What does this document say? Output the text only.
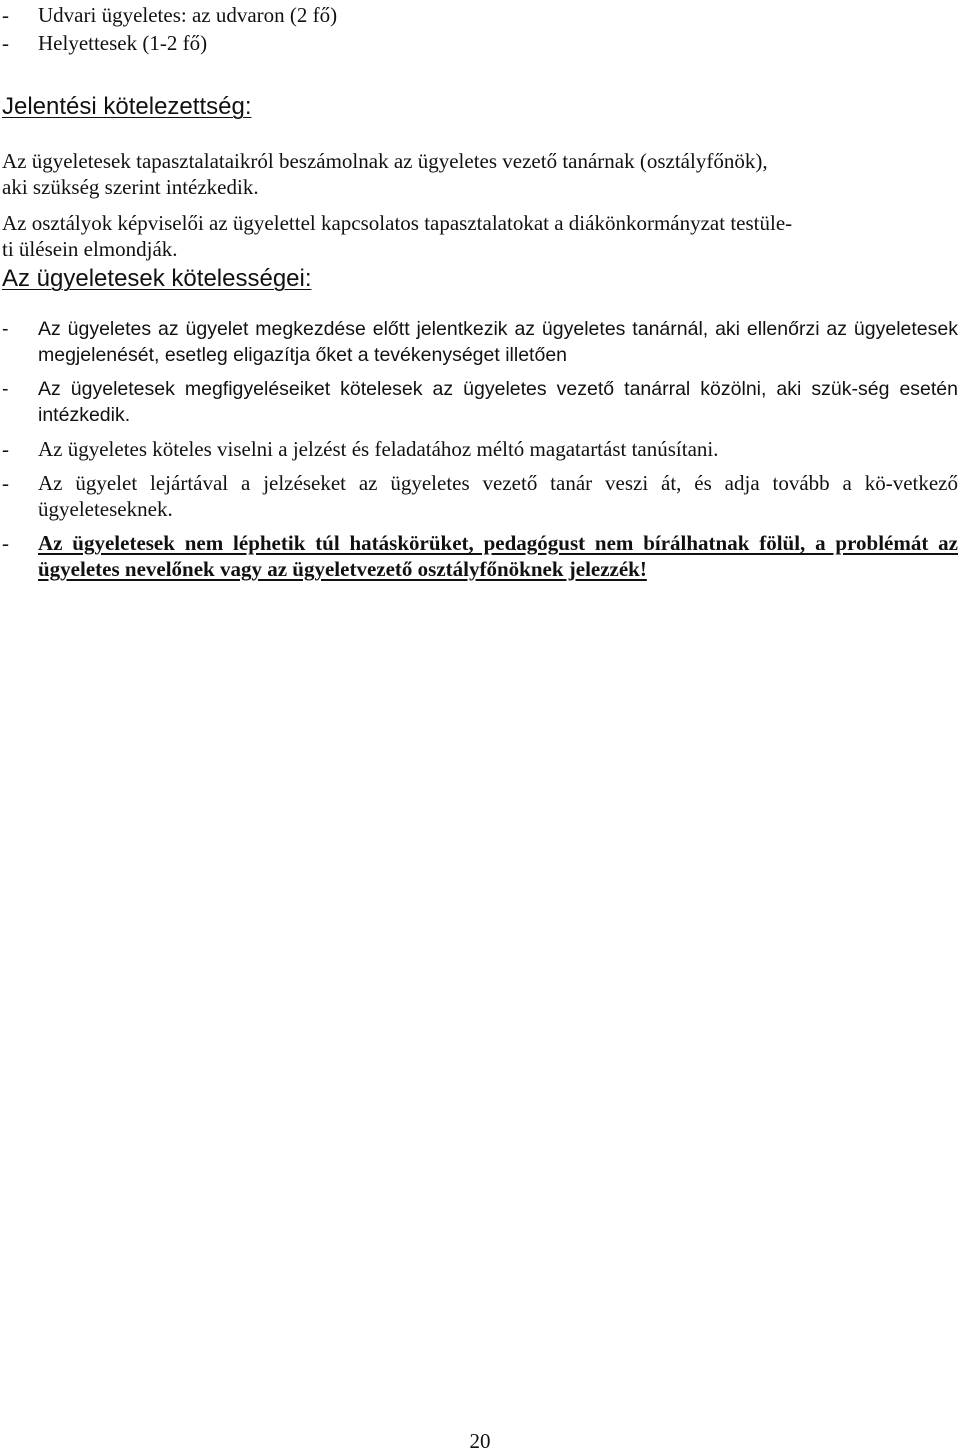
- Udvari ügyeletes: az udvaron (2 fő)
- Helyettesek (1-2 fő)
Jelentési kötelezettség:
Az ügyeletesek tapasztalataikról beszámolnak az ügyeletes vezető tanárnak (osztályfőnök),
aki szükség szerint intézkedik.
Az osztályok képviselői az ügyelettel kapcsolatos tapasztalatokat a diákönkormányzat testüle-
ti ülésein elmondják.
Az ügyeletesek kötelességei:
- Az ügyeletes az ügyelet megkezdése előtt jelentkezik az ügyeletes tanárnál, aki ellenőrzi az ügyeletesek megjelenését, esetleg eligazítja őket a tevékenységet illetően
- Az ügyeletesek megfigyeléseiket kötelesek az ügyeletes vezető tanárral közölni, aki szük-ség esetén intézkedik.
- Az ügyeletes köteles viselni a jelzést és feladatához méltó magatartást tanúsítani.
- Az ügyelet lejártával a jelzéseket az ügyeletes vezető tanár veszi át, és adja tovább a kö-vetkező ügyeleteseknek.
- Az ügyeletesek nem léphetik túl hatáskörüket, pedagógust nem bírálhatnak fölül, a problémát az ügyeletes nevelőnek vagy az ügyeletvezető osztályfőnöknek jelezzék!
20
